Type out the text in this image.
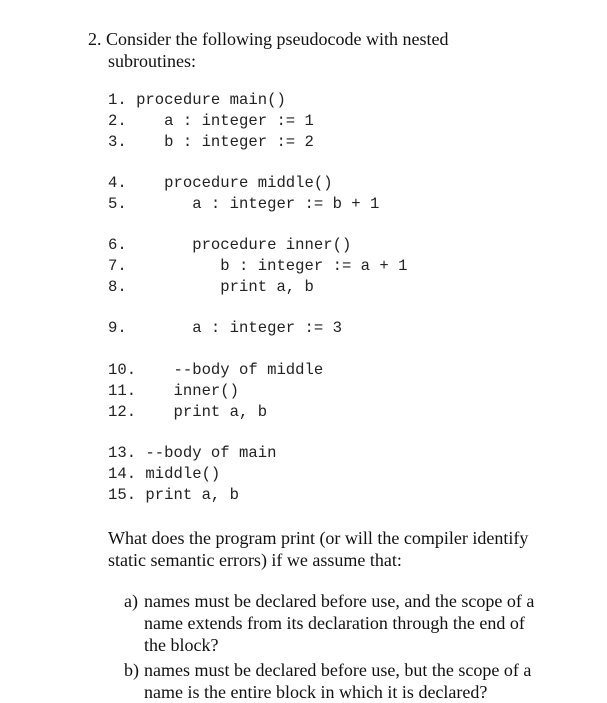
2. Consider the following pseudocode with nested
subroutines:

1. procedure main()

2.    a : integer := 1

3.    b : integer := 2

4.    procedure middle()

5.       a : integer := b + 1

6.       procedure inner()

7.          b : integer := a + 1

8.          print a, b

9.       a : integer := 3

10.    --body of middle

11.    inner()

12.    print a, b

13. --body of main

14. middle()

15. print a, b

What does the program print (or will the compiler identify
static semantic errors) if we assume that:
a) names must be declared before use, and the scope of a
name extends from its declaration through the end of
the block?
b) names must be declared before use, but the scope of a
name is the entire block in which it is declared?
